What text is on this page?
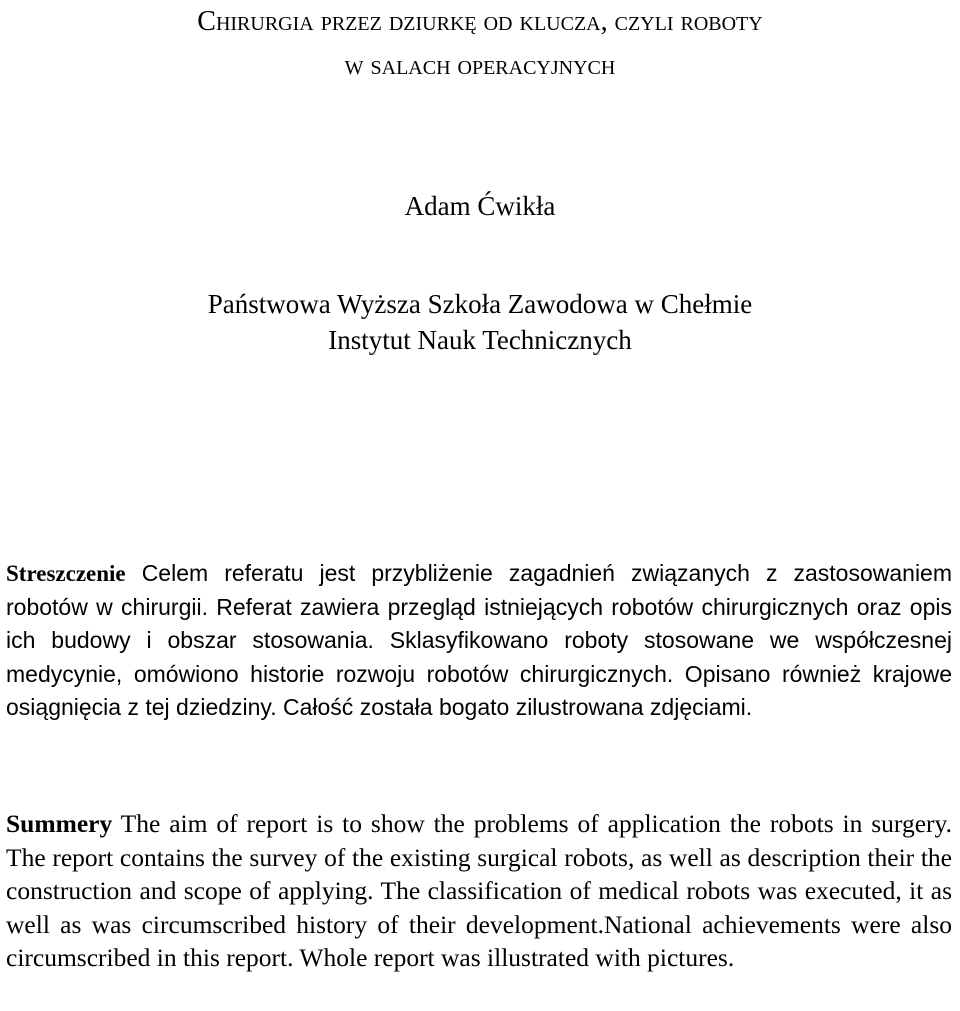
Chirurgia przez dziurkę od klucza, czyli roboty
w salach operacyjnych
Adam Ćwikła
Państwowa Wyższa Szkoła Zawodowa w Chełmie
Instytut Nauk Technicznych

Streszczenie Celem referatu jest przybliżenie zagadnień związanych z zastosowaniem robotów w chirurgii. Referat zawiera przegląd istniejących robotów chirurgicznych oraz opis ich budowy i obszar stosowania. Sklasyfikowano roboty stosowane we współczesnej medycynie, omówiono historie rozwoju robotów chirurgicznych. Opisano również krajowe osiągnięcia z tej dziedziny. Całość została bogato zilustrowana zdjęciami.

Summery The aim of report is to show the problems of application the robots in surgery. The report contains the survey of the existing surgical robots, as well as description their the construction and scope of applying. The classification of medical robots was executed, it as well as was circumscribed history of their development.National achievements were also circumscribed in this report. Whole report was illustrated with pictures.
